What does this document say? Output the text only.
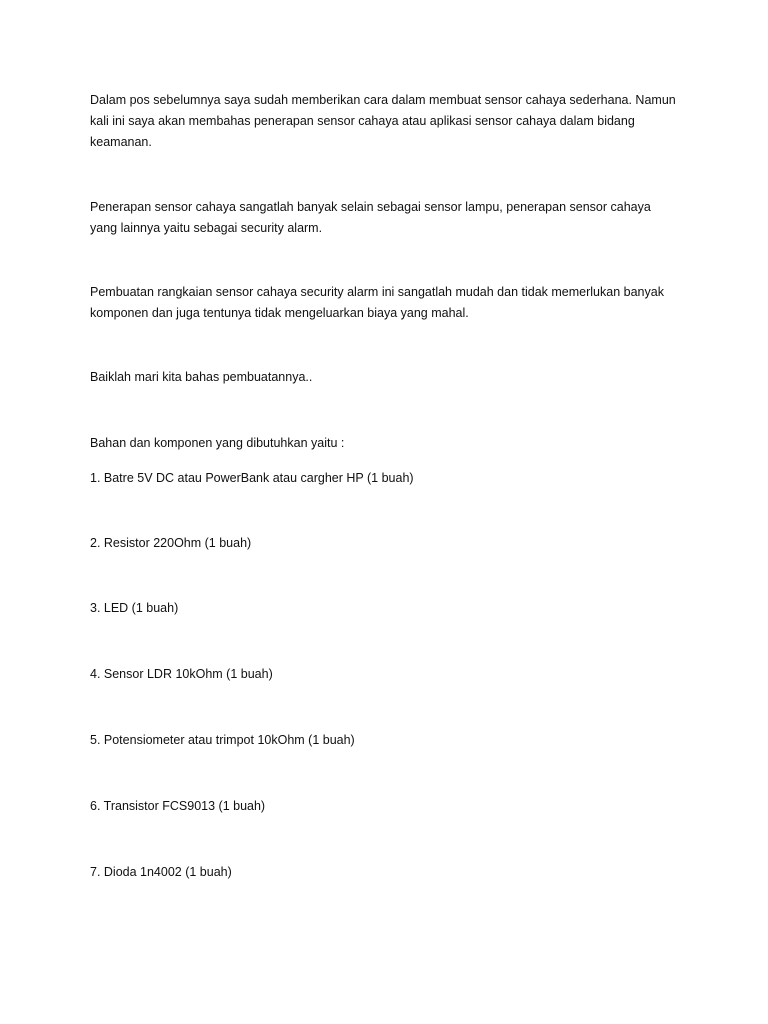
Dalam pos sebelumnya saya sudah memberikan cara dalam membuat sensor cahaya sederhana. Namun kali ini saya akan membahas penerapan sensor cahaya atau aplikasi sensor cahaya dalam bidang keamanan.

Penerapan sensor cahaya sangatlah banyak selain sebagai sensor lampu, penerapan sensor cahaya yang lainnya yaitu sebagai security alarm.

Pembuatan rangkaian sensor cahaya security alarm ini sangatlah mudah dan tidak memerlukan banyak komponen dan juga tentunya tidak mengeluarkan biaya yang mahal.

Baiklah mari kita bahas pembuatannya..

Bahan dan komponen yang dibutuhkan yaitu :

1. Batre 5V DC atau PowerBank atau cargher HP (1 buah)

2. Resistor 220Ohm (1 buah)

3. LED (1 buah)

4. Sensor LDR 10kOhm (1 buah)

5. Potensiometer atau trimpot 10kOhm (1 buah)

6. Transistor FCS9013 (1 buah)

7. Dioda 1n4002 (1 buah)
